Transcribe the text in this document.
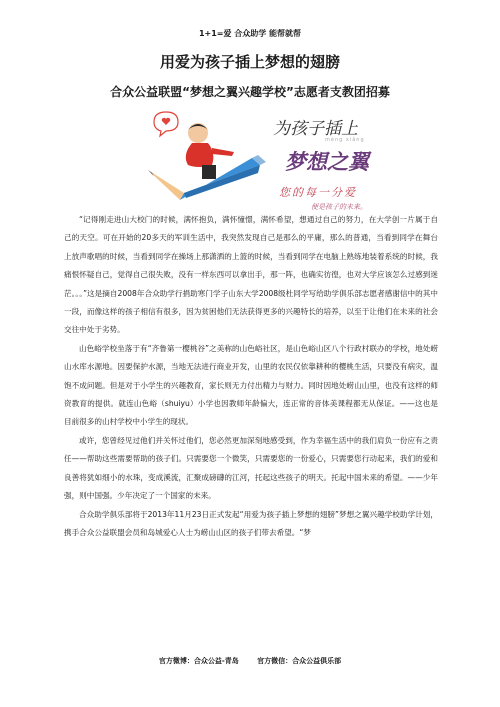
1+1=爱 合众助学 能帮就帮
用爱为孩子插上梦想的翅膀
合众公益联盟“梦想之翼兴趣学校”志愿者支教团招募
为孩子插上
mèng xiǎng
梦想之翼
您的每一分爱
便是孩子的未来。

“记得刚走进山大校门的时候，满怀抱负，满怀憧憬，满怀希望，想通过自己的努力，在大学创一片属于自己的天空。可在开始的20多天的军训生活中，我突然发现自己是那么的平庸，那么的普通，当看到同学在舞台上放声歌唱的时候，当看到同学在操场上那潇洒的上篮的时候，当看到同学在电脑上熟练地装着系统的时候，我痛恨怀疑自己，觉得自己很失败，没有一样东西可以拿出手，那一阵，也确实彷徨，也对大学应该怎么过感到迷茫。。。”这是摘自2008年合众助学行捐助寒门学子山东大学2008级杜同学写给助学俱乐部志愿者感谢信中的其中一段，而像这样的孩子相信有很多，因为贫困他们无法获得更多的兴趣特长的培养，以至于让他们在未来的社会交往中处于劣势。

山色峪学校坐落于有“齐鲁第一樱桃谷”之美称的山色峪社区，是山色峪山区八个行政村联办的学校，地处崂山水库水源地。因要保护水源，当地无法进行商业开发，山里的农民仅依靠耕种的樱桃生活，只要没有病灾，温饱不成问题。但是对于小学生的兴趣教育，家长则无力付出精力与财力。同时因地处崂山山里，也没有这样的师资教育的提供。就连山色峪（shuiyu）小学也因教师年龄偏大，连正常的音体美课程都无从保证。——这也是目前很多的山村学校中小学生的现状。

或许，您曾经见过他们并关怀过他们，您必然更加深刻地感受到，作为幸福生活中的我们肩负一份应有之责任——帮助这些需要帮助的孩子们。只需要您一个微笑，只需要您的一份爱心，只需要您行动起来，我们的爱和良善将犹如细小的水珠，变成溪流，汇聚成磅礴的江河，托起这些孩子的明天。托起中国未来的希望。——少年强，则中国强。少年决定了一个国家的未来。

合众助学俱乐部将于2013年11月23日正式发起“用爱为孩子插上梦想的翅膀”梦想之翼兴趣学校助学计划，携手合众公益联盟会员和岛城爱心人士为崂山山区的孩子们带去希望。“梦

官方微博：合众公益-青岛	官方微信：合众公益俱乐部
